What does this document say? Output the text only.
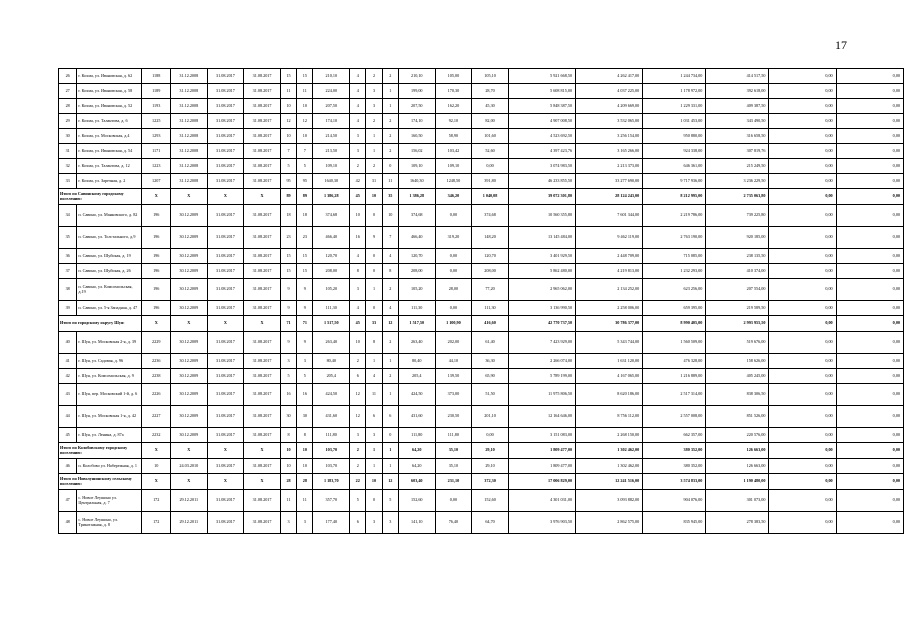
17
26	г. Кохма, ул. Ивановская, д. 62	1188	31.12.2008	31.08.2017	31.08.2017	15	15	210,10	4	2	2	210,10	105,00	105,10	5 921 668,50	4 262 417,00	1 244 734,00	414 517,50	0,00	0,00
27	г. Кохма, ул. Ивановская, д. 58	1189	31.12.2008	31.08.2017	31.08.2017	11	11	224,00	4	3	1	199,00	170,30	28,70	5 608 815,00	4 037 225,00	1 178 972,00	392 618,00	0,00	0,00
28	г. Кохма, ул. Ивановская, д. 52	1193	31.12.2008	31.08.2017	31.08.2017	10	10	207,50	4	3	1	207,50	162,20	45,30	5 848 387,50	4 209 669,00	1 229 331,00	409 387,50	0,00	0,00
29	г. Кохма, ул. Талантова, д. 6	1225	31.12.2008	31.08.2017	31.08.2017	12	12	174,10	4	2	2	174,10	92,10	82,00	4 907 008,50	3 532 065,00	1 031 453,00	343 490,50	0,00	0,00
30	г. Кохма, ул. Московская, д.4	1293	31.12.2008	31.08.2017	31.08.2017	10	10	214,50	3	1	2	160,50	58,90	101,60	4 523 692,50	3 256 154,00	950 880,00	316 658,50	0,00	0,00
31	г. Кохма, ул. Ивановская, д. 54	1171	31.12.2008	31.08.2017	31.08.2017	7	7	213,50	3	1	2	156,02	103,42	52,60	4 397 423,76	3 165 266,00	924 338,00	307 819,76	0,00	0,00
32	г. Кохма, ул. Талантова, д. 12	1223	31.12.2008	31.08.2017	31.08.2017	5	5	109,10	2	2	0	109,10	109,10	0,00	3 074 983,50	2 213 373,00	646 361,00	215 249,50	0,00	0,00
33	г. Кохма, ул. Заречная, д. 2	1207	31.12.2008	31.08.2017	31.08.2017	95	95	1640,30	42	31	11	1640,30	1248,50	391,80	46 233 855,50	33 277 690,00	9 717 936,00	3 236 229,50	0,00	0,00
Итого по Савинскому городскому поселению:		X	X	X	X	89	89	1 386,28	45	10	35	1 386,28	346,20	1 040,08	39 072 301,80	28 124 243,00	8 212 995,00	2 735 063,80	0,00	0,00
34	п. Савино, ул. Маяковского, д. 82	196	30.12.2009	31.08.2017	31.08.2017	18	18	374,68	10	0	10	374,68	0,00	374,68	10 560 355,80	7 601 344,00	2 219 786,00	739 225,80	0,00	0,00
35	п. Савино, ул. Толстального, д.9	196	30.12.2009	31.08.2017	31.08.2017	23	23	466,40	16	9	7	466,40	319,20	148,20	13 145 484,00	9 462 119,00	2 763 190,00	920 185,00	0,00	0,00
36	п. Савино, ул. Шуйская, д. 19	196	30.12.2009	31.08.2017	31.08.2017	15	15	120,70	4	0	4	120,70	0,00	120,70	3 401 929,50	2 448 709,00	715 085,00	238 135,50	0,00	0,00
37	п. Савино, ул. Шуйская, д. 26	196	30.12.2009	31.08.2017	31.08.2017	15	15	208,00	8	0	8	208,00	0,00	208,00	5 862 480,00	4 219 813,00	1 232 293,00	410 374,00	0,00	0,00
38	п. Савино, ул. Комсомольская, д.19	196	30.12.2009	31.08.2017	31.08.2017	9	9	105,20	3	1	2	105,20	28,00	77,20	2 965 062,00	2 134 252,00	623 256,00	207 554,00	0,00	0,00
39	п. Савино, ул. 5-я Западная, д. 47	196	30.12.2009	31.08.2017	31.08.2017	9	9	111,30	4	0	4	111,30	0,00	111,30	3 136 990,50	2 258 006,00	659 395,00	219 589,50	0,00	0,00
Итого по городскому округу Шуя:		X	X	X	X	71	71	1 517,50	45	33	12	1 517,50	1 100,90	416,60	42 770 737,50	30 786 377,00	8 990 405,00	2 993 955,50	0,00	0,00
40	г. Шуя, ул. Московская 2-я, д. 39	2229	30.12.2009	31.08.2017	31.08.2017	9	9	263,40	10	8	2	263,40	202,00	61,40	7 423 929,00	5 343 744,00	1 560 509,00	519 676,00	0,00	0,00
41	г. Шуя, ул. Садовая, д. 96	2236	30.12.2009	31.08.2017	31.08.2017	3	3	80,40	2	1	1	80,40	44,10	36,30	2 266 074,00	1 631 120,00	476 328,00	158 626,00	0,00	0,00
42	г. Шуя, ул. Комсомольская, д. 9	2238	30.12.2009	31.08.2017	31.08.2017	5	5	205,4	6	4	2	205,4	139,50	65,90	5 789 199,00	4 167 065,00	1 216 889,00	405 245,00	0,00	0,00
43	г. Шуя, пер. Московский 1-й, д. 6	2226	30.12.2009	31.08.2017	31.08.2017	16	16	424,50	12	11	1	424,50	373,00	51,50	11 975 806,50	8 620 186,00	2 517 314,00	838 306,50	0,00	0,00
44	г. Шуя, ул. Московская 1-я, д. 42	2227	30.12.2009	31.08.2017	31.08.2017	30	30	431,60	12	6	6	431,60	230,50	201,10	12 164 646,00	8 756 112,00	2 557 008,00	851 526,00	0,00	0,00
45	г. Шуя, ул. Ленина, д. 87а	2232	30.12.2009	31.08.2017	31.08.2017	8	8	111,80	3	3	0	111,80	111,80	0,00	3 151 083,00	2 268 150,00	662 357,00	220 576,00	0,00	0,00
Итого по Колобовскому городскому поселению:		X	X	X	X	10	10	103,70	2	1	1	64,20	35,10	29,10	1 809 477,00	1 302 462,00	380 352,00	126 663,00	0,00	0,00
46	п. Колобово ул. Набережная, д. 1	10	24.03.2010	31.08.2017	31.08.2017	10	10	103,70	2	1	1	64,20	35,10	29,10	1 809 477,00	1 302 462,00	380 352,00	126 663,00	0,00	0,00
Итого по Новолушинскому сельскому поселению:		X	X	X	X	28	28	1 183,70	22	10	12	603,40	231,10	372,30	17 006 829,00	12 241 516,00	3 574 833,00	1 190 480,00	0,00	0,00
47	с. Новое Леушино ул. Центральная, д. 7	172	29.12.2011	31.08.2017	31.08.2017	11	11	357,70	5	0	5	152,60	0,00	152,60	4 301 031,00	3 093 882,00	904 076,00	301 073,00	0,00	0,00
48	с. Новое Леушино, ул. Трикотажная, д. 8	172	29.12.2011	31.08.2017	31.08.2017	3	3	177,40	6	3	3	141,10	76,40	64,70	3 976 903,50	2 862 575,00	835 945,00	278 383,50	0,00	0,00
